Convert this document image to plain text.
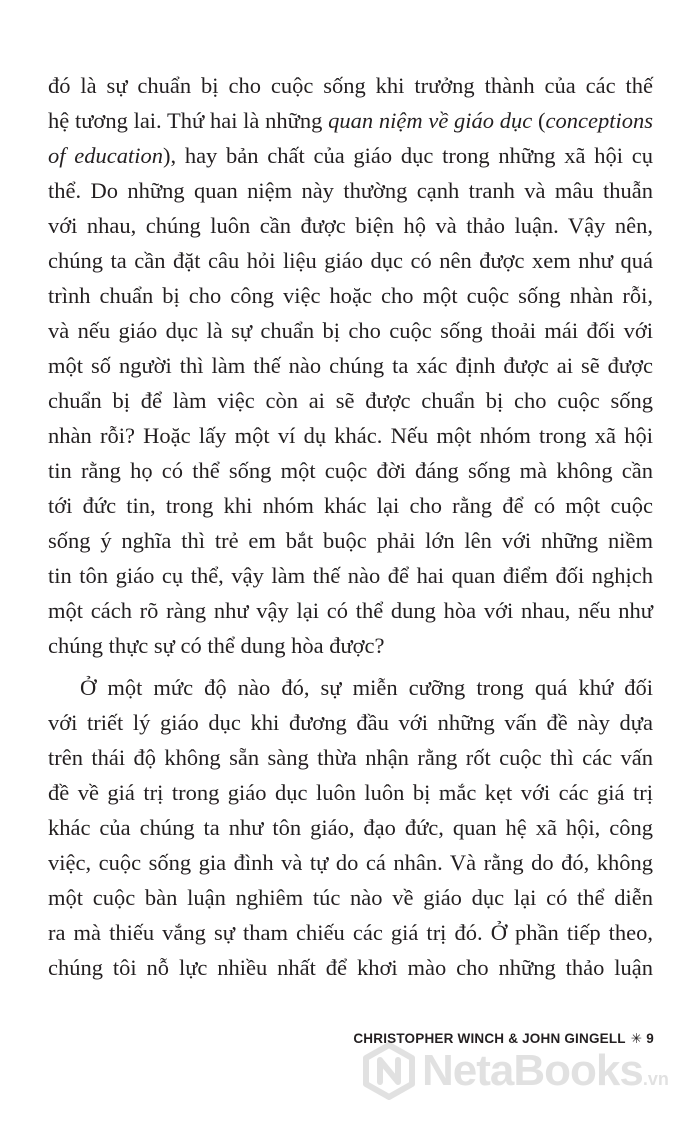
đó là sự chuẩn bị cho cuộc sống khi trưởng thành của các thế
hệ tương lai. Thứ hai là những quan niệm về giáo dục (conceptions
of education), hay bản chất của giáo dục trong những xã hội cụ
thể. Do những quan niệm này thường cạnh tranh và mâu thuẫn
với nhau, chúng luôn cần được biện hộ và thảo luận. Vậy nên,
chúng ta cần đặt câu hỏi liệu giáo dục có nên được xem như quá
trình chuẩn bị cho công việc hoặc cho một cuộc sống nhàn rỗi,
và nếu giáo dục là sự chuẩn bị cho cuộc sống thoải mái đối với
một số người thì làm thế nào chúng ta xác định được ai sẽ được
chuẩn bị để làm việc còn ai sẽ được chuẩn bị cho cuộc sống
nhàn rỗi? Hoặc lấy một ví dụ khác. Nếu một nhóm trong xã hội
tin rằng họ có thể sống một cuộc đời đáng sống mà không cần
tới đức tin, trong khi nhóm khác lại cho rằng để có một cuộc
sống ý nghĩa thì trẻ em bắt buộc phải lớn lên với những niềm
tin tôn giáo cụ thể, vậy làm thế nào để hai quan điểm đối nghịch
một cách rõ ràng như vậy lại có thể dung hòa với nhau, nếu như
chúng thực sự có thể dung hòa được?
Ở một mức độ nào đó, sự miễn cưỡng trong quá khứ đối
với triết lý giáo dục khi đương đầu với những vấn đề này dựa
trên thái độ không sẵn sàng thừa nhận rằng rốt cuộc thì các vấn
đề về giá trị trong giáo dục luôn luôn bị mắc kẹt với các giá trị
khác của chúng ta như tôn giáo, đạo đức, quan hệ xã hội, công
việc, cuộc sống gia đình và tự do cá nhân. Và rằng do đó, không
một cuộc bàn luận nghiêm túc nào về giáo dục lại có thể diễn
ra mà thiếu vắng sự tham chiếu các giá trị đó. Ở phần tiếp theo,
chúng tôi nỗ lực nhiều nhất để khơi mào cho những thảo luận
CHRISTOPHER WINCH & JOHN GINGELL ✳ 9
NetaBooks .vn
